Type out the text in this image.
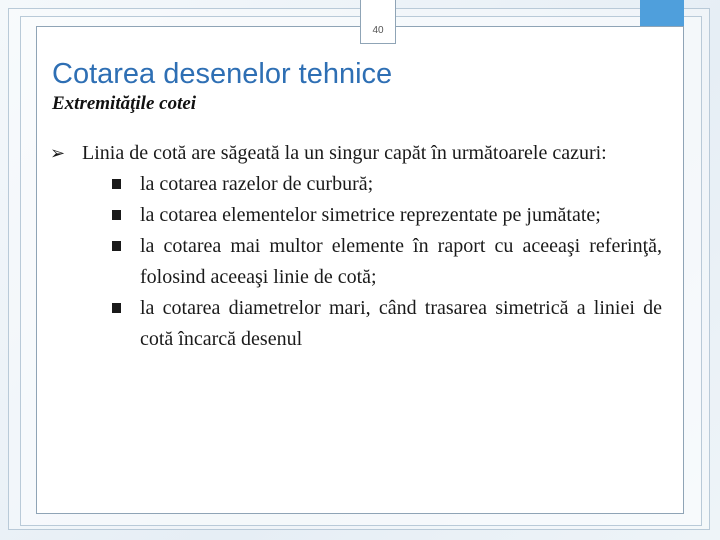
40
Cotarea desenelor tehnice
Extremităţile cotei
➢ Linia de cotă are săgeată la un singur capăt în următoarele cazuri:
la cotarea razelor de curbură;
la cotarea elementelor simetrice reprezentate pe jumătate;
la cotarea mai multor elemente în raport cu aceeaşi referinţă, folosind aceeaşi linie de cotă;
la cotarea diametrelor mari, când trasarea simetrică a liniei de cotă încarcă desenul
